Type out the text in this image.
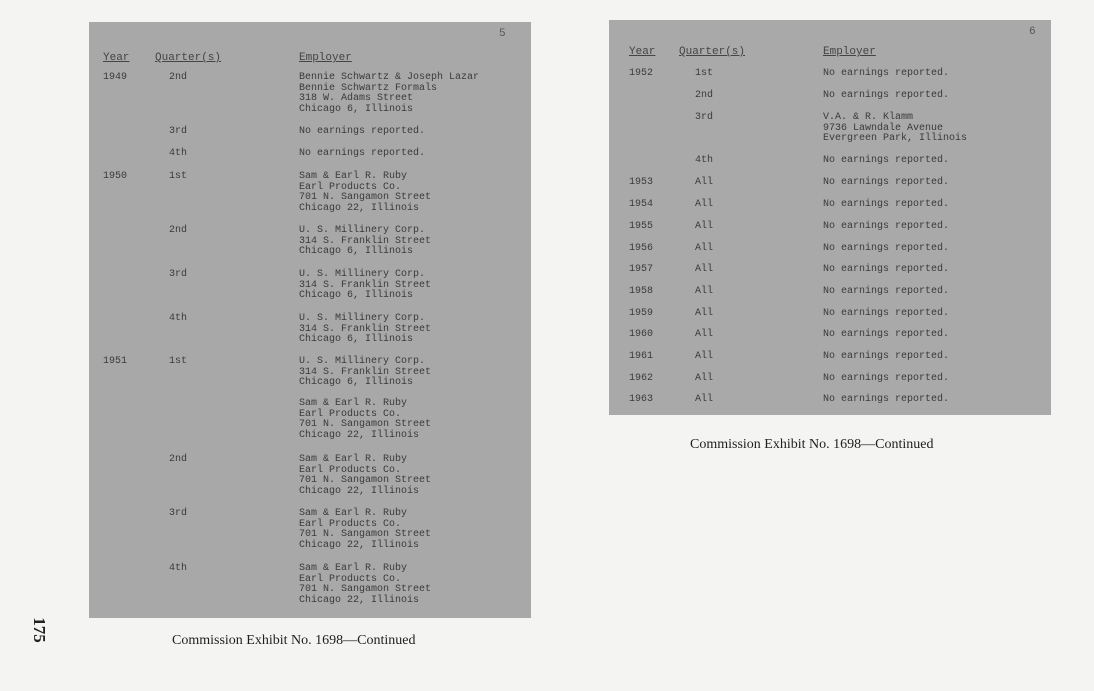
175
5
Year Quarter(s)	Employer
1949	2nd	Bennie Schwartz & Joseph Lazar
Bennie Schwartz Formals
318 W. Adams Street
Chicago 6, Illinois
3rd	No earnings reported.
4th	No earnings reported.
1950	1st	Sam & Earl R. Ruby
Earl Products Co.
701 N. Sangamon Street
Chicago 22, Illinois
2nd	U. S. Millinery Corp.
314 S. Franklin Street
Chicago 6, Illinois
3rd	U. S. Millinery Corp.
314 S. Franklin Street
Chicago 6, Illinois
4th	U. S. Millinery Corp.
314 S. Franklin Street
Chicago 6, Illinois
1951	1st	U. S. Millinery Corp.
314 S. Franklin Street
Chicago 6, Illinois
Sam & Earl R. Ruby
Earl Products Co.
701 N. Sangamon Street
Chicago 22, Illinois
2nd	Sam & Earl R. Ruby
Earl Products Co.
701 N. Sangamon Street
Chicago 22, Illinois
3rd	Sam & Earl R. Ruby
Earl Products Co.
701 N. Sangamon Street
Chicago 22, Illinois
4th	Sam & Earl R. Ruby
Earl Products Co.
701 N. Sangamon Street
Chicago 22, Illinois
Commission Exhibit No. 1698—Continued
6
Year Quarter(s)	Employer
1952	1st	No earnings reported.
2nd	No earnings reported.
3rd	V.A. & R. Klamm
9736 Lawndale Avenue
Evergreen Park, Illinois
4th	No earnings reported.
1953	All	No earnings reported.
1954	All	No earnings reported.
1955	All	No earnings reported.
1956	All	No earnings reported.
1957	All	No earnings reported.
1958	All	No earnings reported.
1959	All	No earnings reported.
1960	All	No earnings reported.
1961	All	No earnings reported.
1962	All	No earnings reported.
1963	All	No earnings reported.
Commission Exhibit No. 1698—Continued
